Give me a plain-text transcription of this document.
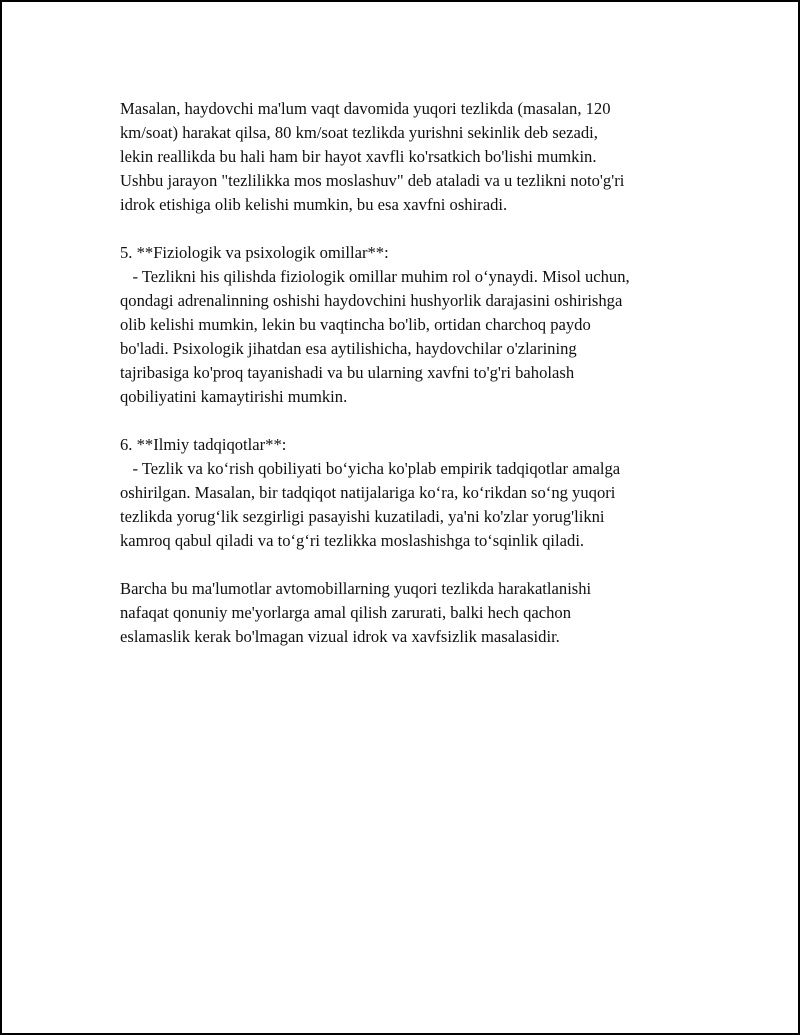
Masalan, haydovchi ma'lum vaqt davomida yuqori tezlikda (masalan, 120
km/soat) harakat qilsa, 80 km/soat tezlikda yurishni sekinlik deb sezadi,
lekin reallikda bu hali ham bir hayot xavfli ko'rsatkich bo'lishi mumkin.
Ushbu jarayon "tezlilikka mos moslashuv" deb ataladi va u tezlikni noto'g'ri
idrok etishiga olib kelishi mumkin, bu esa xavfni oshiradi.
5. **Fiziologik va psixologik omillar**:
- Tezlikni his qilishda fiziologik omillar muhim rol oʻynaydi. Misol uchun,
qondagi adrenalinning oshishi haydovchini hushyorlik darajasini oshirishga
olib kelishi mumkin, lekin bu vaqtincha bo'lib, ortidan charchoq paydo
bo'ladi. Psixologik jihatdan esa aytilishicha, haydovchilar o'zlarining
tajribasiga ko'proq tayanishadi va bu ularning xavfni to'g'ri baholash
qobiliyatini kamaytirishi mumkin.
6. **Ilmiy tadqiqotlar**:
- Tezlik va koʻrish qobiliyati boʻyicha ko'plab empirik tadqiqotlar amalga
oshirilgan. Masalan, bir tadqiqot natijalariga koʻra, koʻrikdan soʻng yuqori
tezlikda yorugʻlik sezgirligi pasayishi kuzatiladi, ya'ni ko'zlar yorug'likni
kamroq qabul qiladi va toʻgʻri tezlikka moslashishga toʻsqinlik qiladi.
Barcha bu ma'lumotlar avtomobillarning yuqori tezlikda harakatlanishi
nafaqat qonuniy me'yorlarga amal qilish zarurati, balki hech qachon
eslamaslik kerak bo'lmagan vizual idrok va xavfsizlik masalasidir.
